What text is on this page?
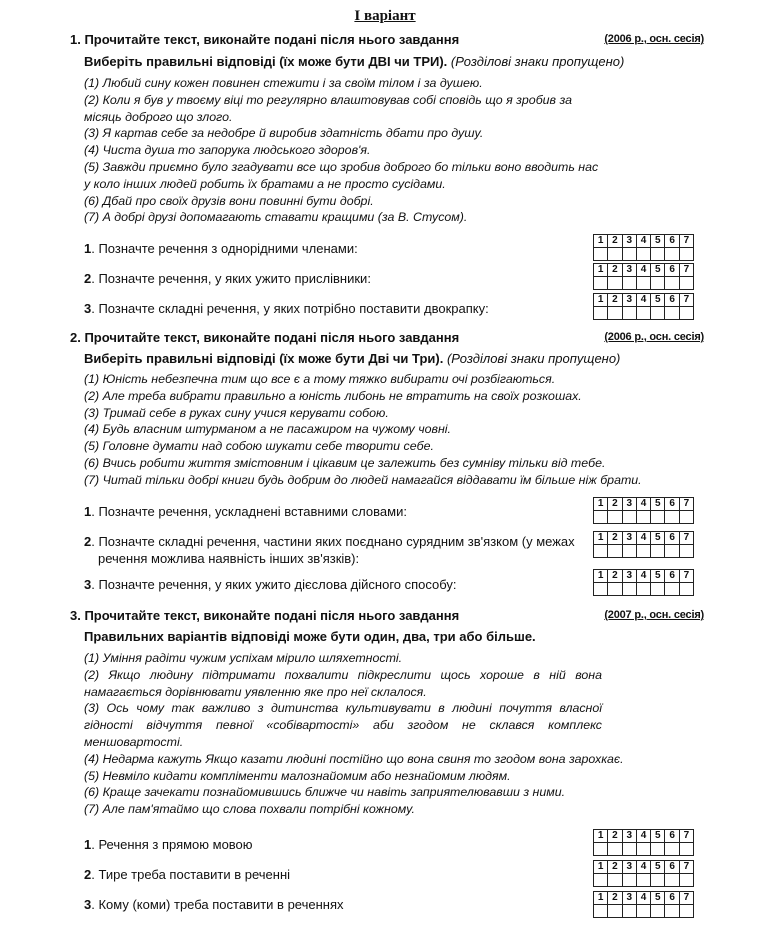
І варіант
1. Прочитайте текст, виконайте подані після нього завдання	(2006 р., осн. сесія)
Виберіть правильні відповіді (їх може бути ДВІ чи ТРИ). (Розділові знаки пропущено)
(1) Любий сину кожен повинен стежити і за своїм тілом і за душею.
(2) Коли я був у твоєму віці то регулярно влаштовував собі сповідь що я зробив за місяць доброго що злого.
(3) Я картав себе за недобре й виробив здатність дбати про душу.
(4) Чиста душа то запорука людського здоров'я.
(5) Завжди приємно було згадувати все що зробив доброго бо тільки воно вводить нас у коло інших людей робить їх братами а не просто сусідами.
(6) Дбай про своїх друзів вони повинні бути добрі.
(7) А добрі друзі допомагають ставати кращими (за В. Стусом).
1. Позначте речення з однорідними членами:
1	2	3	4	5	6	7

2. Позначте речення, у яких ужито прислівники:
1	2	3	4	5	6	7

3. Позначте складні речення, у яких потрібно поставити двокрапку:
1	2	3	4	5	6	7

2. Прочитайте текст, виконайте подані після нього завдання	(2006 р., осн. сесія)
Виберіть правильні відповіді (їх може бути Дві чи Три). (Розділові знаки пропущено)
(1) Юність небезпечна тим що все є а тому тяжко вибирати очі розбігаються.
(2) Але треба вибрати правильно а юність либонь не втратить на своїх розкошах.
(3) Тримай себе в руках сину учися керувати собою.
(4) Будь власним штурманом а не пасажиром на чужому човні.
(5) Головне думати над собою шукати себе творити себе.
(6) Вчись робити життя змістовним і цікавим це залежить без сумніву тільки від тебе.
(7) Читай тільки добрі книги будь добрим до людей намагайся віддавати їм більше ніж брати.
1. Позначте речення, ускладнені вставними словами:
1	2	3	4	5	6	7

2. Позначте складні речення, частини яких поєднано сурядним зв'язком (у межах
речення можлива наявність інших зв'язків):
1	2	3	4	5	6	7

3. Позначте речення, у яких ужито дієслова дійсного способу:
1	2	3	4	5	6	7

3. Прочитайте текст, виконайте подані після нього завдання	(2007 р., осн. сесія)
Правильних варіантів відповіді може бути один, два, три або більше.
(1) Уміння радіти чужим успіхам мірило шляхетності.
(2) Якщо людину підтримати похвалити підкреслити щось хороше в ній вона намагається дорівнювати уявленню яке про неї склалося.
(3) Ось чому так важливо з дитинства культивувати в людині почуття власної гідності відчуття певної «собівартості» аби згодом не склався комплекс меншовартості.
(4) Недарма кажуть Якщо казати людині постійно що вона свиня то згодом вона зарохкає.
(5) Невміло кидати компліменти малознайомим або незнайомим людям.
(6) Краще зачекати познайомившись ближче чи навіть заприятелювавши з ними.
(7) Але пам'ятаймо що слова похвали потрібні кожному.
1. Речення з прямою мовою
1	2	3	4	5	6	7

2. Тире треба поставити в реченні
1	2	3	4	5	6	7

3. Кому (коми) треба поставити в реченнях	1	2	3	4	5	6	7
